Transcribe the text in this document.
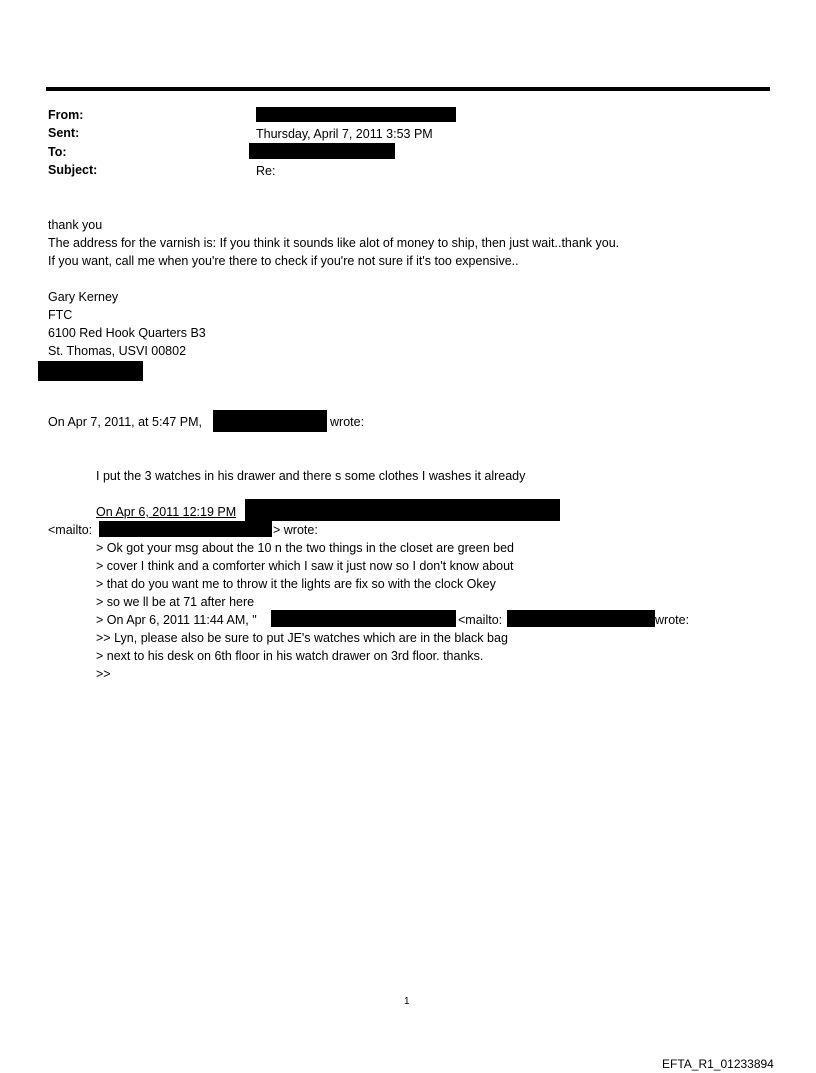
From:
Sent:	Thursday, April 7, 2011 3:53 PM
To:
Subject:	Re:
thank you
The address for the varnish is: If you think it sounds like alot of money to ship, then just wait..thank you.
If you want, call me when you're there to check if you're not sure if it's too expensive..
Gary Kerney
FTC
6100 Red Hook Quarters B3
St. Thomas, USVI 00802
On Apr 7, 2011, at 5:47 PM,	wrote:
I put the 3 watches in his drawer and there s some clothes I washes it already
On Apr 6, 2011 12:19 PM
<mailto:	> wrote:
> Ok got your msg about the 10 n the two things in the closet are green bed
> cover I think and a comforter which I saw it just now so I don't know about
> that do you want me to throw it the lights are fix so with the clock Okey
> so we ll be at 71 after here
> On Apr 6, 2011 11:44 AM, "	<mailto:	wrote:
>> Lyn, please also be sure to put JE's watches which are in the black bag
> next to his desk on 6th floor in his watch drawer on 3rd floor. thanks.
>>
1
EFTA_R1_01233894
